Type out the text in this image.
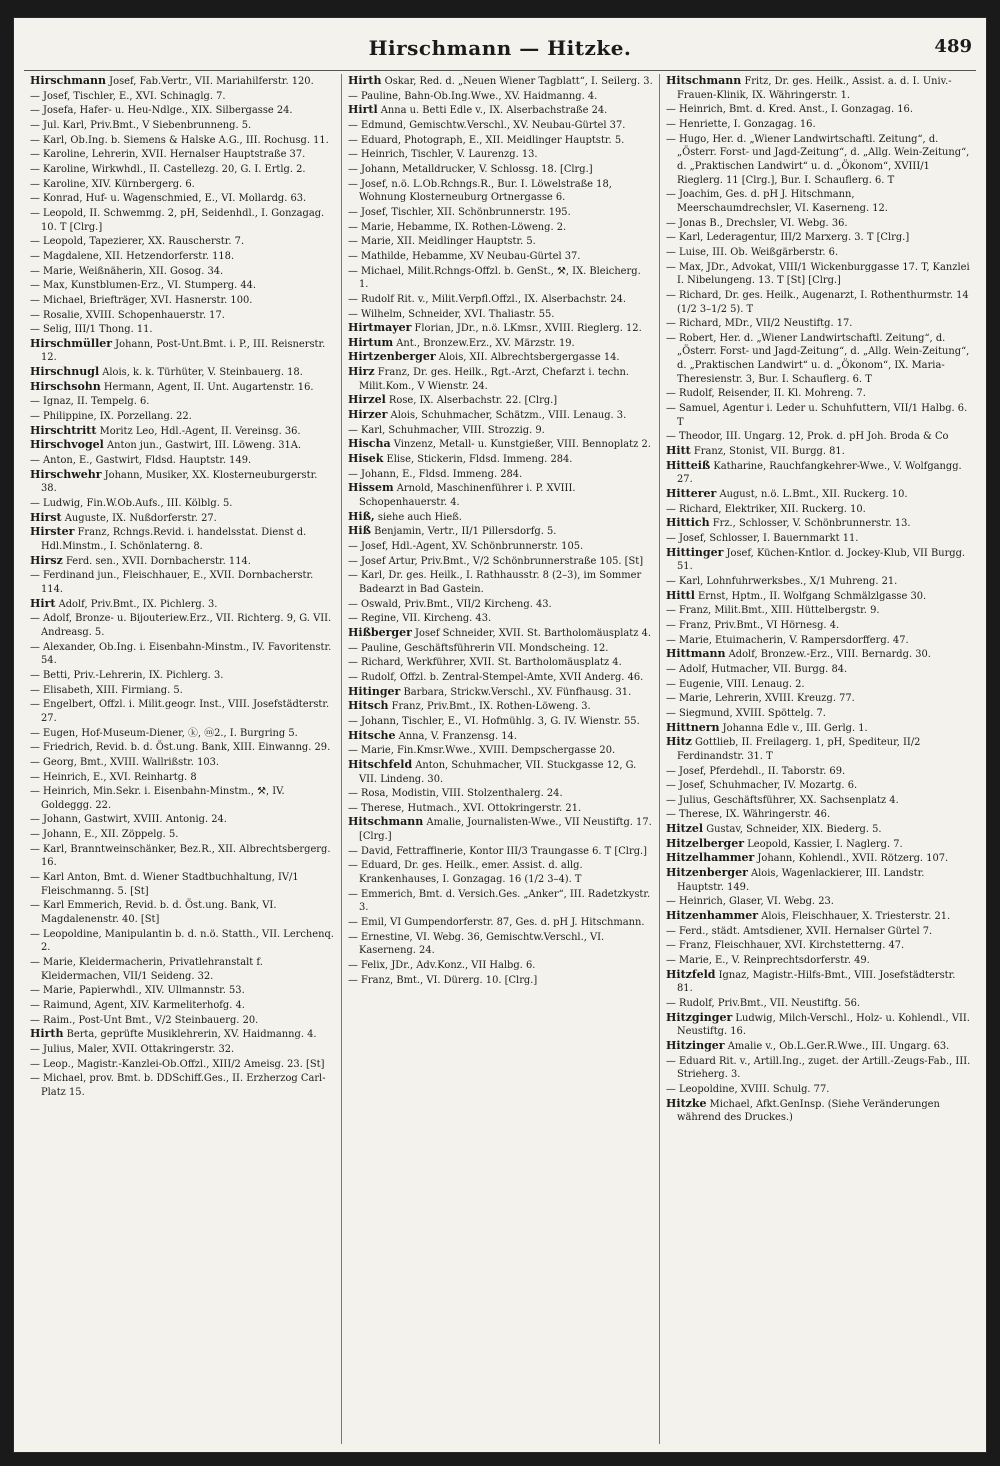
Hirschmann — Hitzke.	489

Hirschmann Josef, Fab.Vertr., VII. Mariahilferstr. 120.

— Josef, Tischler, E., XVI. Schinaglg. 7.

— Josefa, Hafer- u. Heu-Ndlge., XIX. Silbergasse 24.

— Jul. Karl, Priv.Bmt., V Siebenbrunneng. 5.

— Karl, Ob.Ing. b. Siemens & Halske A.G., III. Rochusg. 11.

— Karoline, Lehrerin, XVII. Hernalser Hauptstraße 37.

— Karoline, Wirkwhdl., II. Castellezg. 20, G. I. Ertlg. 2.

— Karoline, XIV. Kürnbergerg. 6.

— Konrad, Huf- u. Wagenschmied, E., VI. Mollardg. 63.

— Leopold, II. Schwemmg. 2, pH, Seidenhdl., I. Gonzagag. 10. T [Clrg.]

— Leopold, Tapezierer, XX. Rauscherstr. 7.

— Magdalene, XII. Hetzendorferstr. 118.

— Marie, Weißnäherin, XII. Gosog. 34.

— Max, Kunstblumen-Erz., VI. Stumperg. 44.

— Michael, Briefträger, XVI. Hasnerstr. 100.

— Rosalie, XVIII. Schopenhauerstr. 17.

— Selig, III/1 Thong. 11.

Hirschmüller Johann, Post-Unt.Bmt. i. P., III. Reisnerstr. 12.

Hirschnugl Alois, k. k. Türhüter, V. Steinbauerg. 18.

Hirschsohn Hermann, Agent, II. Unt. Augartenstr. 16.

— Ignaz, II. Tempelg. 6.

— Philippine, IX. Porzellang. 22.

Hirschtritt Moritz Leo, Hdl.-Agent, II. Vereinsg. 36.

Hirschvogel Anton jun., Gastwirt, III. Löweng. 31A.

— Anton, E., Gastwirt, Fldsd. Hauptstr. 149.

Hirschwehr Johann, Musiker, XX. Klosterneuburgerstr. 38.

— Ludwig, Fin.W.Ob.Aufs., III. Kölblg. 5.

Hirst Auguste, IX. Nußdorferstr. 27.

Hirster Franz, Rchngs.Revid. i. handelsstat. Dienst d. Hdl.Minstm., I. Schönlaterng. 8.

Hirsz Ferd. sen., XVII. Dornbacherstr. 114.

— Ferdinand jun., Fleischhauer, E., XVII. Dornbacherstr. 114.

Hirt Adolf, Priv.Bmt., IX. Pichlerg. 3.

— Adolf, Bronze- u. Bijouteriew.Erz., VII. Richterg. 9, G. VII. Andreasg. 5.

— Alexander, Ob.Ing. i. Eisenbahn-Minstm., IV. Favoritenstr. 54.

— Betti, Priv.-Lehrerin, IX. Pichlerg. 3.

— Elisabeth, XIII. Firmiang. 5.

— Engelbert, Offzl. i. Milit.geogr. Inst., VIII. Josefstädterstr. 27.

— Eugen, Hof-Museum-Diener, ⓚ, ⓜ2., I. Burgring 5.

— Friedrich, Revid. b. d. Öst.ung. Bank, XIII. Einwanng. 29.

— Georg, Bmt., XVIII. Wallrißstr. 103.

— Heinrich, E., XVI. Reinhartg. 8

— Heinrich, Min.Sekr. i. Eisenbahn-Minstm., ⚒, IV. Goldeggg. 22.

— Johann, Gastwirt, XVIII. Antonig. 24.

— Johann, E., XII. Zöppelg. 5.

— Karl, Branntweinschänker, Bez.R., XII. Albrechtsbergerg. 16.

— Karl Anton, Bmt. d. Wiener Stadtbuchhaltung, IV/1 Fleischmanng. 5. [St]

— Karl Emmerich, Revid. b. d. Öst.ung. Bank, VI. Magdalenenstr. 40. [St]

— Leopoldine, Manipulantin b. d. n.ö. Statth., VII. Lerchenq. 2.

— Marie, Kleidermacherin, Privatlehranstalt f. Kleidermachen, VII/1 Seideng. 32.

— Marie, Papierwhdl., XIV. Ullmannstr. 53.

— Raimund, Agent, XIV. Karmeliterhofg. 4.

— Raim., Post-Unt Bmt., V/2 Steinbauerg. 20.

Hirth Berta, geprüfte Musiklehrerin, XV. Haidmanng. 4.

— Julius, Maler, XVII. Ottakringerstr. 32.

— Leop., Magistr.-Kanzlei-Ob.Offzl., XIII/2 Ameisg. 23. [St]

— Michael, prov. Bmt. b. DDSchiff.Ges., II. Erzherzog Carl-Platz 15.

Hirth Oskar, Red. d. „Neuen Wiener Tagblatt“, I. Seilerg. 3.

— Pauline, Bahn-Ob.Ing.Wwe., XV. Haidmanng. 4.

Hirtl Anna u. Betti Edle v., IX. Alserbachstraße 24.

— Edmund, Gemischtw.Verschl., XV. Neubau-Gürtel 37.

— Eduard, Photograph, E., XII. Meidlinger Hauptstr. 5.

— Heinrich, Tischler, V. Laurenzg. 13.

— Johann, Metalldrucker, V. Schlossg. 18. [Clrg.]

— Josef, n.ö. L.Ob.Rchngs.R., Bur. I. Löwelstraße 18, Wohnung Klosterneuburg Ortnergasse 6.

— Josef, Tischler, XII. Schönbrunnerstr. 195.

— Marie, Hebamme, IX. Rothen-Löweng. 2.

— Marie, XII. Meidlinger Hauptstr. 5.

— Mathilde, Hebamme, XV Neubau-Gürtel 37.

— Michael, Milit.Rchngs-Offzl. b. GenSt., ⚒, IX. Bleicherg. 1.

— Rudolf Rit. v., Milit.Verpfl.Offzl., IX. Alserbachstr. 24.

— Wilhelm, Schneider, XVI. Thaliastr. 55.

Hirtmayer Florian, JDr., n.ö. LKmsr., XVIII. Rieglerg. 12.

Hirtum Ant., Bronzew.Erz., XV. Märzstr. 19.

Hirtzenberger Alois, XII. Albrechtsbergergasse 14.

Hirz Franz, Dr. ges. Heilk., Rgt.-Arzt, Chefarzt i. techn. Milit.Kom., V Wienstr. 24.

Hirzel Rose, IX. Alserbachstr. 22. [Clrg.]

Hirzer Alois, Schuhmacher, Schätzm., VIII. Lenaug. 3.

— Karl, Schuhmacher, VIII. Strozzig. 9.

Hischa Vinzenz, Metall- u. Kunstgießer, VIII. Bennoplatz 2.

Hisek Elise, Stickerin, Fldsd. Immeng. 284.

— Johann, E., Fldsd. Immeng. 284.

Hissem Arnold, Maschinenführer i. P. XVIII. Schopenhauerstr. 4.

Hiß, siehe auch Hieß.

Hiß Benjamin, Vertr., II/1 Pillersdorfg. 5.

— Josef, Hdl.-Agent, XV. Schönbrunnerstr. 105.

— Josef Artur, Priv.Bmt., V/2 Schönbrunnerstraße 105. [St]

— Karl, Dr. ges. Heilk., I. Rathhausstr. 8 (2–3), im Sommer Badearzt in Bad Gastein.

— Oswald, Priv.Bmt., VII/2 Kircheng. 43.

— Regine, VII. Kircheng. 43.

Hißberger Josef Schneider, XVII. St. Bartholomäusplatz 4.

— Pauline, Geschäftsführerin VII. Mondscheing. 12.

— Richard, Werkführer, XVII. St. Bartholomäusplatz 4.

— Rudolf, Offzl. b. Zentral-Stempel-Amte, XVII Anderg. 46.

Hitinger Barbara, Strickw.Verschl., XV. Fünfhausg. 31.

Hitsch Franz, Priv.Bmt., IX. Rothen-Löweng. 3.

— Johann, Tischler, E., VI. Hofmühlg. 3, G. IV. Wienstr. 55.

Hitsche Anna, V. Franzensg. 14.

— Marie, Fin.Kmsr.Wwe., XVIII. Dempschergasse 20.

Hitschfeld Anton, Schuhmacher, VII. Stuckgasse 12, G. VII. Lindeng. 30.

— Rosa, Modistin, VIII. Stolzenthalerg. 24.

— Therese, Hutmach., XVI. Ottokringerstr. 21.

Hitschmann Amalie, Journalisten-Wwe., VII Neustiftg. 17. [Clrg.]

— David, Fettraffinerie, Kontor III/3 Traungasse 6. T [Clrg.]

— Eduard, Dr. ges. Heilk., emer. Assist. d. allg. Krankenhauses, I. Gonzagag. 16 (1/2 3–4). T

— Emmerich, Bmt. d. Versich.Ges. „Anker“, III. Radetzkystr. 3.

— Emil, VI Gumpendorferstr. 87, Ges. d. pH J. Hitschmann.

— Ernestine, VI. Webg. 36, Gemischtw.Verschl., VI. Kaserneng. 24.

— Felix, JDr., Adv.Konz., VII Halbg. 6.

— Franz, Bmt., VI. Dürerg. 10. [Clrg.]

Hitschmann Fritz, Dr. ges. Heilk., Assist. a. d. I. Univ.-Frauen-Klinik, IX. Währingerstr. 1.

— Heinrich, Bmt. d. Kred. Anst., I. Gonzagag. 16.

— Henriette, I. Gonzagag. 16.

— Hugo, Her. d. „Wiener Landwirtschaftl. Zeitung“, d. „Österr. Forst- und Jagd-Zeitung“, d. „Allg. Wein-Zeitung“, d. „Praktischen Landwirt“ u. d. „Ökonom“, XVIII/1 Rieglerg. 11 [Clrg.], Bur. I. Schauflerg. 6. T

— Joachim, Ges. d. pH J. Hitschmann, Meerschaumdrechsler, VI. Kaserneng. 12.

— Jonas B., Drechsler, VI. Webg. 36.

— Karl, Lederagentur, III/2 Marxerg. 3. T [Clrg.]

— Luise, III. Ob. Weißgärberstr. 6.

— Max, JDr., Advokat, VIII/1 Wickenburggasse 17. T, Kanzlei I. Nibelungeng. 13. T [St] [Clrg.]

— Richard, Dr. ges. Heilk., Augenarzt, I. Rothenthurmstr. 14 (1/2 3–1/2 5). T

— Richard, MDr., VII/2 Neustiftg. 17.

— Robert, Her. d. „Wiener Landwirtschaftl. Zeitung“, d. „Österr. Forst- und Jagd-Zeitung“, d. „Allg. Wein-Zeitung“, d. „Praktischen Landwirt“ u. d. „Ökonom“, IX. Maria-Theresienstr. 3, Bur. I. Schauflerg. 6. T

— Rudolf, Reisender, II. Kl. Mohreng. 7.

— Samuel, Agentur i. Leder u. Schuhfuttern, VII/1 Halbg. 6. T

— Theodor, III. Ungarg. 12, Prok. d. pH Joh. Broda & Co

Hitt Franz, Stonist, VII. Burgg. 81.

Hitteiß Katharine, Rauchfangkehrer-Wwe., V. Wolfgangg. 27.

Hitterer August, n.ö. L.Bmt., XII. Ruckerg. 10.

— Richard, Elektriker, XII. Ruckerg. 10.

Hittich Frz., Schlosser, V. Schönbrunnerstr. 13.

— Josef, Schlosser, I. Bauernmarkt 11.

Hittinger Josef, Küchen-Kntlor. d. Jockey-Klub, VII Burgg. 51.

— Karl, Lohnfuhrwerksbes., X/1 Muhreng. 21.

Hittl Ernst, Hptm., II. Wolfgang Schmälzlgasse 30.

— Franz, Milit.Bmt., XIII. Hüttelbergstr. 9.

— Franz, Priv.Bmt., VI Hörnesg. 4.

— Marie, Etuimacherin, V. Rampersdorfferg. 47.

Hittmann Adolf, Bronzew.-Erz., VIII. Bernardg. 30.

— Adolf, Hutmacher, VII. Burgg. 84.

— Eugenie, VIII. Lenaug. 2.

— Marie, Lehrerin, XVIII. Kreuzg. 77.

— Siegmund, XVIII. Spöttelg. 7.

Hittnern Johanna Edle v., III. Gerlg. 1.

Hitz Gottlieb, II. Freilagerg. 1, pH, Spediteur, II/2 Ferdinandstr. 31. T

— Josef, Pferdehdl., II. Taborstr. 69.

— Josef, Schuhmacher, IV. Mozartg. 6.

— Julius, Geschäftsführer, XX. Sachsenplatz 4.

— Therese, IX. Währingerstr. 46.

Hitzel Gustav, Schneider, XIX. Biederg. 5.

Hitzelberger Leopold, Kassier, I. Naglerg. 7.

Hitzelhammer Johann, Kohlendl., XVII. Rötzerg. 107.

Hitzenberger Alois, Wagenlackierer, III. Landstr. Hauptstr. 149.

— Heinrich, Glaser, VI. Webg. 23.

Hitzenhammer Alois, Fleischhauer, X. Triesterstr. 21.

— Ferd., städt. Amtsdiener, XVII. Hernalser Gürtel 7.

— Franz, Fleischhauer, XVI. Kirchstetterng. 47.

— Marie, E., V. Reinprechtsdorferstr. 49.

Hitzfeld Ignaz, Magistr.-Hilfs-Bmt., VIII. Josefstädterstr. 81.

— Rudolf, Priv.Bmt., VII. Neustiftg. 56.

Hitzginger Ludwig, Milch-Verschl., Holz- u. Kohlendl., VII. Neustiftg. 16.

Hitzinger Amalie v., Ob.L.Ger.R.Wwe., III. Ungarg. 63.

— Eduard Rit. v., Artill.Ing., zuget. der Artill.-Zeugs-Fab., III. Strieherg. 3.

— Leopoldine, XVIII. Schulg. 77.

Hitzke Michael, Afkt.GenInsp. (Siehe Veränderungen während des Druckes.)
